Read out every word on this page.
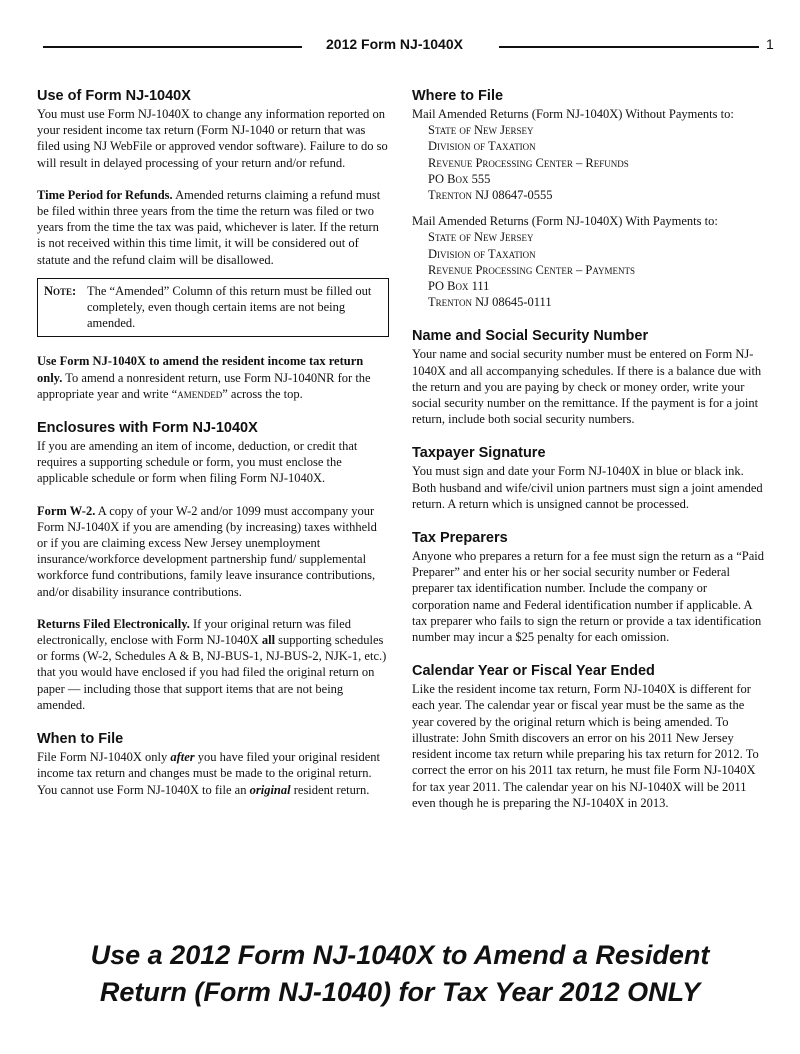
2012 Form NJ-1040X	1
Use of Form NJ-1040X

You must use Form NJ-1040X to change any information reported on your resident income tax return (Form NJ-1040 or return that was filed using NJ WebFile or approved vendor software). Failure to do so will result in delayed processing of your return and/or refund.

Time Period for Refunds. Amended returns claiming a refund must be filed within three years from the time the return was filed or two years from the time the tax was paid, whichever is later. If the return is not received within this time limit, it will be considered out of statute and the refund claim will be disallowed.

Note: The “Amended” Column of this return must be filled out completely, even though certain items are not being amended.

Use Form NJ-1040X to amend the resident income tax return only. To amend a nonresident return, use Form NJ-1040NR for the appropriate year and write “amended” across the top.

Enclosures with Form NJ-1040X

If you are amending an item of income, deduction, or credit that requires a supporting schedule or form, you must enclose the applicable schedule or form when filing Form NJ-1040X.

Form W-2. A copy of your W-2 and/or 1099 must accompany your Form NJ-1040X if you are amending (by increasing) taxes withheld or if you are claiming excess New Jersey unemployment insurance/workforce development partnership fund/ supplemental workforce fund contributions, family leave insurance contributions, and/or disability insurance contributions.

Returns Filed Electronically. If your original return was filed electronically, enclose with Form NJ-1040X all supporting schedules or forms (W-2, Schedules A & B, NJ-BUS-1, NJ-BUS-2, NJK-1, etc.) that you would have enclosed if you had filed the original return on paper — including those that support items that are not being amended.

When to File

File Form NJ-1040X only after you have filed your original resident income tax return and changes must be made to the original return. You cannot use Form NJ-1040X to file an original resident return.

Where to File

Mail Amended Returns (Form NJ-1040X) Without Payments to:

State of New Jersey
Division of Taxation
Revenue Processing Center – Refunds
PO Box 555
Trenton NJ 08647-0555

Mail Amended Returns (Form NJ-1040X) With Payments to:

State of New Jersey
Division of Taxation
Revenue Processing Center – Payments
PO Box 111
Trenton NJ 08645-0111
Name and Social Security Number

Your name and social security number must be entered on Form NJ-1040X and all accompanying schedules. If there is a balance due with the return and you are paying by check or money order, write your social security number on the remittance. If the payment is for a joint return, include both social security numbers.

Taxpayer Signature

You must sign and date your Form NJ-1040X in blue or black ink. Both husband and wife/civil union partners must sign a joint amended return. A return which is unsigned cannot be processed.

Tax Preparers

Anyone who prepares a return for a fee must sign the return as a “Paid Preparer” and enter his or her social security number or Federal preparer tax identification number. Include the company or corporation name and Federal identification number if applicable. A tax preparer who fails to sign the return or provide a tax identification number may incur a $25 penalty for each omission.

Calendar Year or Fiscal Year Ended

Like the resident income tax return, Form NJ-1040X is different for each year. The calendar year or fiscal year must be the same as the year covered by the original return which is being amended. To illustrate: John Smith discovers an error on his 2011 New Jersey resident income tax return while preparing his tax return for 2012. To correct the error on his 2011 tax return, he must file Form NJ-1040X for tax year 2011. The calendar year on his NJ-1040X will be 2011 even though he is preparing the NJ-1040X in 2013.

Use a 2012 Form NJ-1040X to Amend a Resident
Return (Form NJ-1040) for Tax Year 2012 ONLY
